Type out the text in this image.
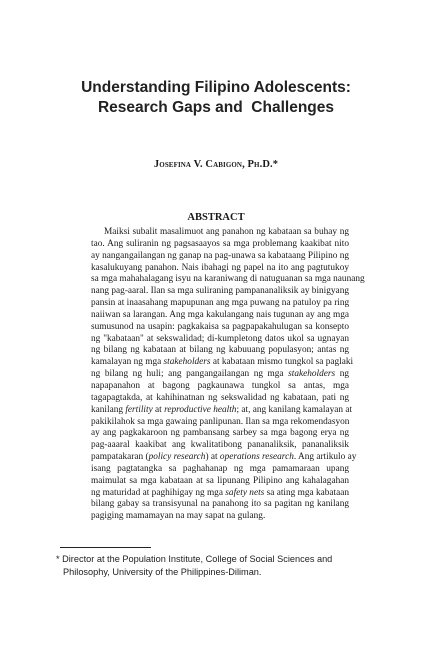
Understanding Filipino Adolescents:
Research Gaps and  Challenges
Josefina V. Cabigon, Ph.D.*
ABSTRACT
Maiksi subalit masalimuot ang panahon ng kabataan sa buhay ng
tao. Ang suliranin ng pagsasaayos sa mga problemang kaakibat nito
ay nangangailangan ng ganap na pag-unawa sa kabataang Pilipino ng
kasalukuyang panahon. Nais ibahagi ng papel na ito ang pagtutukoy
sa mga mahahalagang isyu na karaniwang di natuguanan sa mga naunang
nang pag-aaral. Ilan sa mga suliraning pampananaliksik ay binigyang
pansin at inaasahang mapupunan ang mga puwang na patuloy pa ring
naiiwan sa larangan. Ang mga kakulangang nais tugunan ay ang mga
sumusunod na usapin: pagkakaisa sa pagpapakahulugan sa konsepto
ng "kabataan" at sekswalidad; di-kumpletong datos ukol sa ugnayan
ng bilang ng kabataan at bilang ng kabuuang populasyon; antas ng
kamalayan ng mga stakeholders at kabataan mismo tungkol sa paglaki
ng bilang ng huli; ang pangangailangan ng mga stakeholders ng
napapanahon at bagong pagkaunawa tungkol sa antas, mga
tagapagtakda, at kahihinatnan ng sekswalidad ng kabataan, pati ng
kanilang fertility at reproductive health; at, ang kanilang kamalayan at
pakikilahok sa mga gawaing panlipunan. Ilan sa mga rekomendasyon
ay ang pagkakaroon ng pambansang sarbey sa mga bagong erya ng
pag-aaaral kaakibat ang kwalitatibong pananaliksik, pananaliksik
pampatakaran (policy research) at operations research. Ang artikulo ay
isang pagtatangka sa paghahanap ng mga pamamaraan upang
maimulat sa mga kabataan at sa lipunang Pilipino ang kahalagahan
ng maturidad at paghihigay ng mga safety nets sa ating mga kabataan
bilang gabay sa transisyunal na panahong ito sa pagitan ng kanilang
pagiging mamamayan na may sapat na gulang.
* Director at the Population Institute, College of Social Sciences and
Philosophy, University of the Philippines-Diliman.
